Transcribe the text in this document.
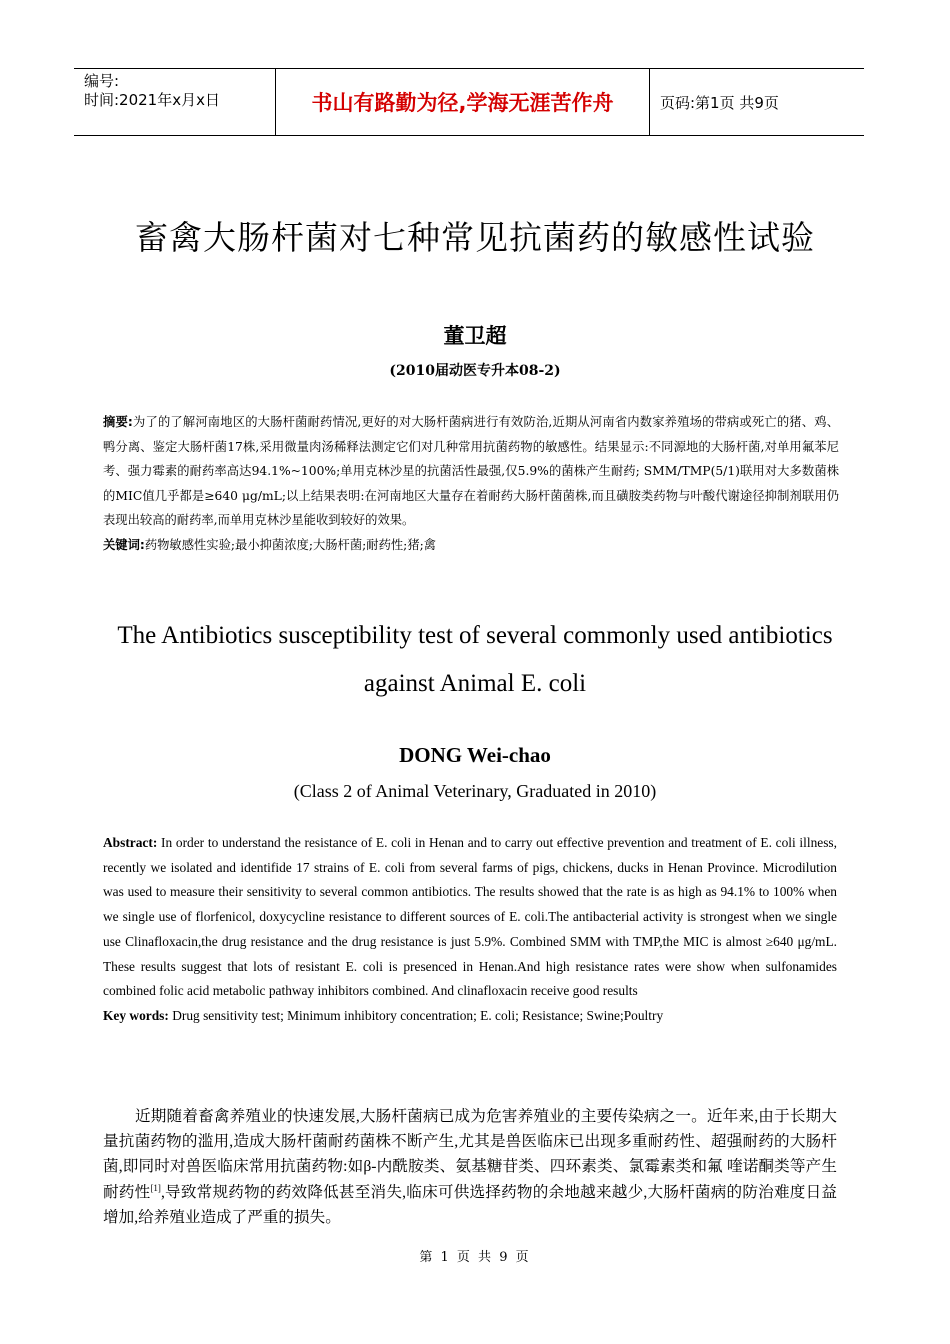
编号:
时间:2021年x月x日	书山有路勤为径,学海无涯苦作舟	页码:第1页 共9页
畜禽大肠杆菌对七种常见抗菌药的敏感性试验
董卫超
(2010届动医专升本08-2)
摘要:为了的了解河南地区的大肠杆菌耐药情况,更好的对大肠杆菌病进行有效防治,近期从河南省内数家养殖场的带病或死亡的猪、鸡、鸭分离、鉴定大肠杆菌17株,采用微量肉汤稀释法测定它们对几种常用抗菌药物的敏感性。结果显示:不同源地的大肠杆菌,对单用氟苯尼考、强力霉素的耐药率高达94.1%~100%;单用克林沙星的抗菌活性最强,仅5.9%的菌株产生耐药; SMM/TMP(5/1)联用对大多数菌株的MIC值几乎都是≥640 μg/mL;以上结果表明:在河南地区大量存在着耐药大肠杆菌菌株,而且磺胺类药物与叶酸代谢途径抑制剂联用仍表现出较高的耐药率,而单用克林沙星能收到较好的效果。
关键词:药物敏感性实验;最小抑菌浓度;大肠杆菌;耐药性;猪;禽
The Antibiotics susceptibility test of several commonly used antibiotics against Animal E. coli
DONG Wei-chao
(Class 2 of Animal Veterinary, Graduated in 2010)
Abstract: In order to understand the resistance of E. coli in Henan and to carry out effective prevention and treatment of E. coli illness, recently we isolated and identifide 17 strains of E. coli from several farms of pigs, chickens, ducks in Henan Province. Microdilution was used to measure their sensitivity to several common antibiotics. The results showed that the rate is as high as 94.1% to 100% when we single use of florfenicol, doxycycline resistance to different sources of E. coli.The antibacterial activity is strongest when we single use Clinafloxacin,the drug resistance and the drug resistance is just 5.9%. Combined SMM with TMP,the MIC is almost ≥640 μg/mL. These results suggest that lots of resistant E. coli is presenced in Henan.And high resistance rates were show when sulfonamides combined folic acid metabolic pathway inhibitors combined. And clinafloxacin receive good results
Key words: Drug sensitivity test; Minimum inhibitory concentration; E. coli; Resistance; Swine;Poultry
近期随着畜禽养殖业的快速发展,大肠杆菌病已成为危害养殖业的主要传染病之一。近年来,由于长期大量抗菌药物的滥用,造成大肠杆菌耐药菌株不断产生,尤其是兽医临床已出现多重耐药性、超强耐药的大肠杆菌,即同时对兽医临床常用抗菌药物:如β-内酰胺类、氨基糖苷类、四环素类、氯霉素类和氟 喹诺酮类等产生耐药性[1],导致常规药物的药效降低甚至消失,临床可供选择药物的余地越来越少,大肠杆菌病的防治难度日益增加,给养殖业造成了严重的损失。
第 1 页 共 9 页
